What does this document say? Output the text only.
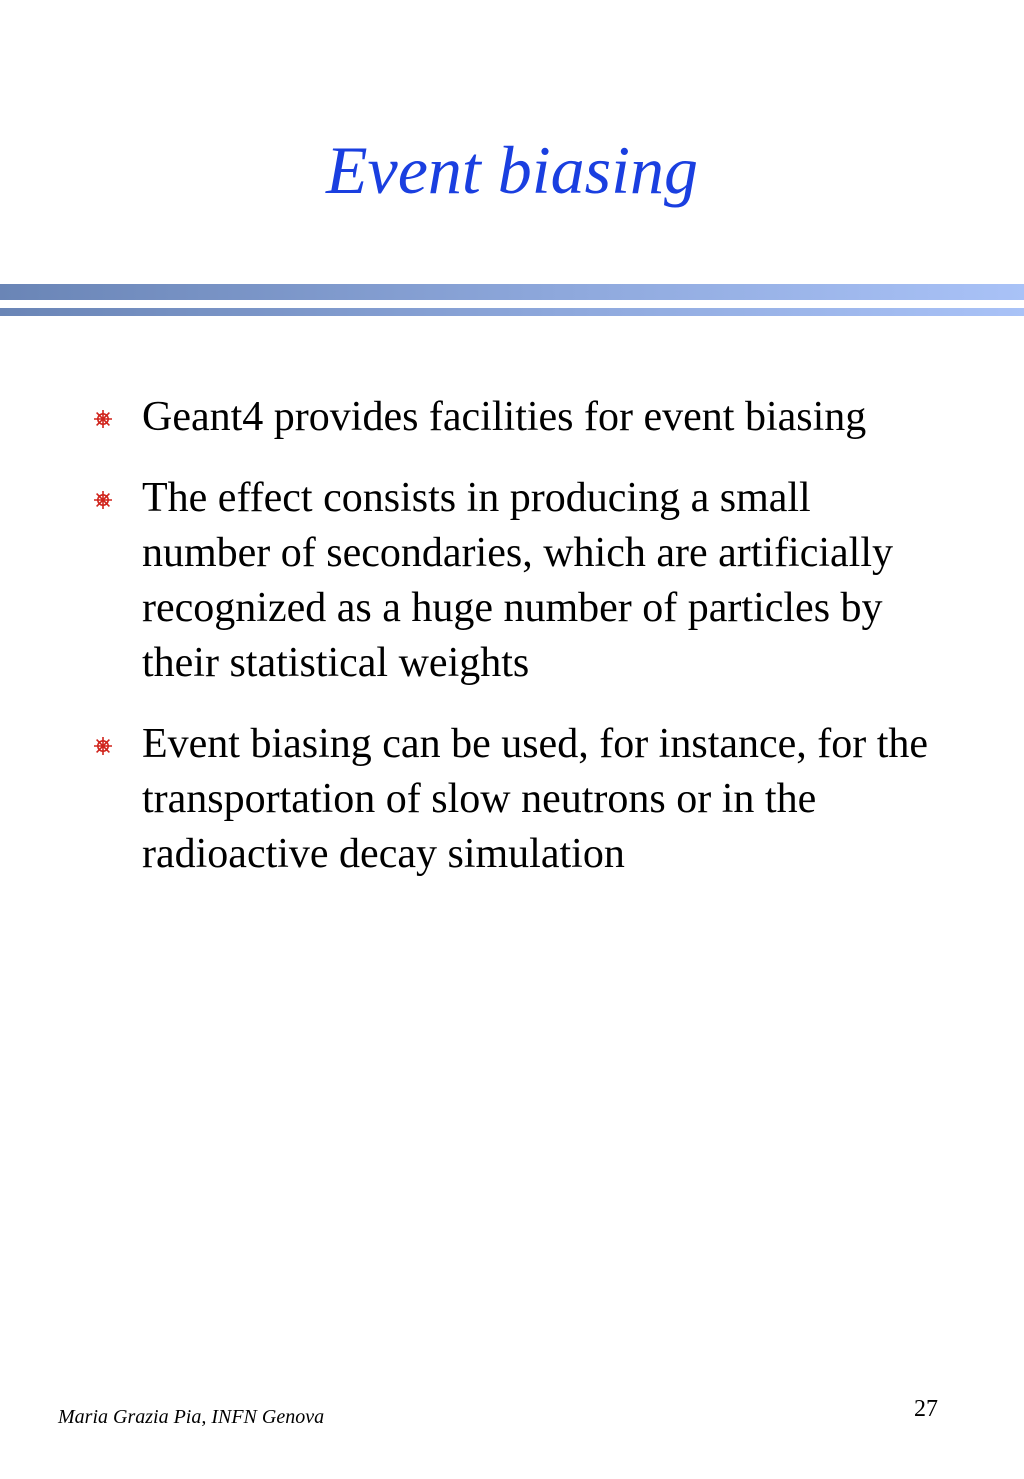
Event biasing
Geant4 provides facilities for event biasing
The effect consists in producing a small number of secondaries, which are artificially recognized as a huge number of particles by their statistical weights
Event biasing can be used, for instance, for the transportation of slow neutrons or in the radioactive decay simulation
Maria Grazia Pia, INFN Genova	27
